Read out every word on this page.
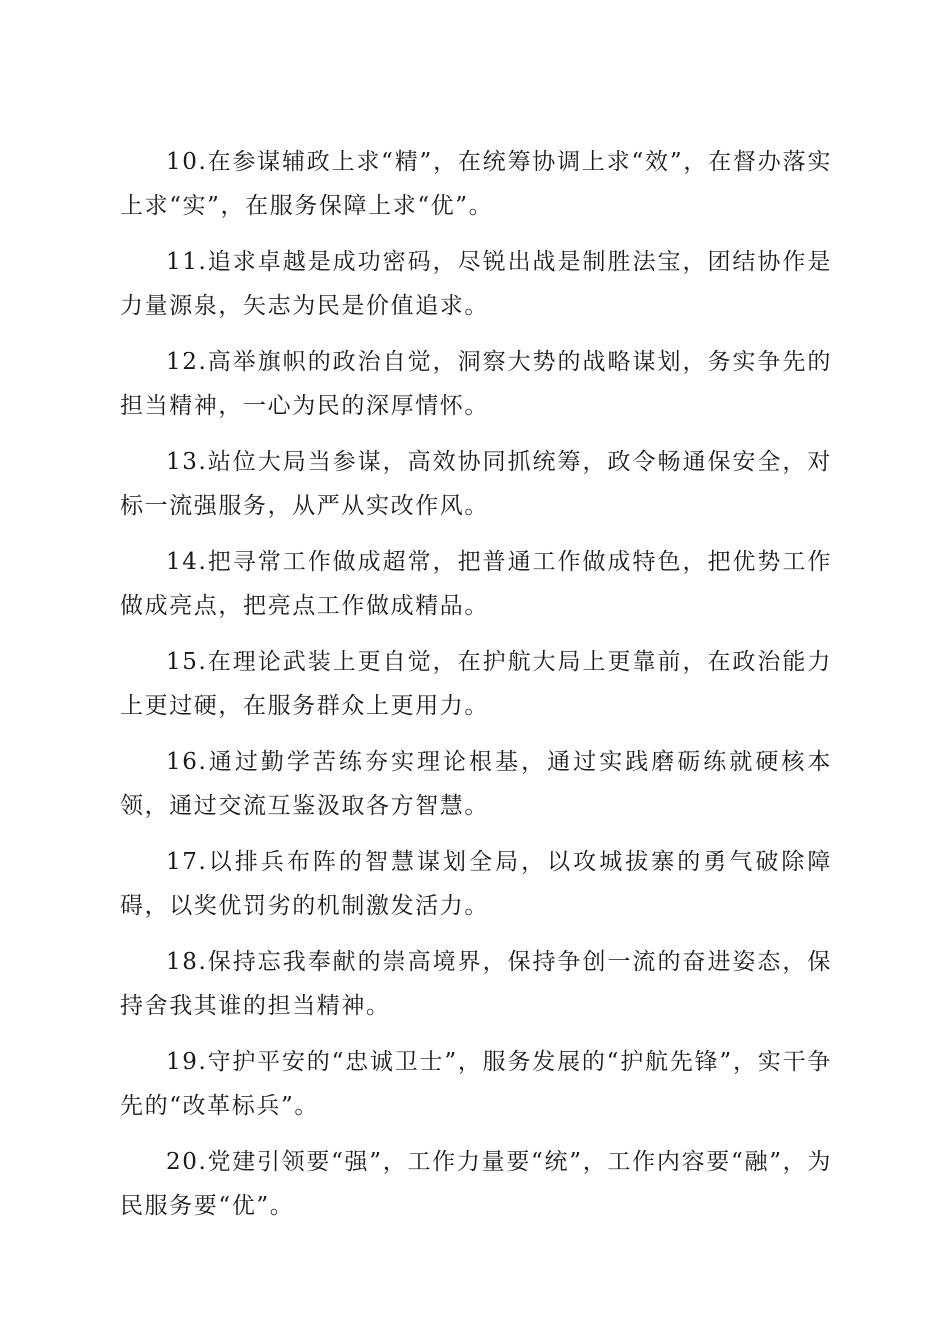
10.在参谋辅政上求“精”，在统筹协调上求“效”，在督办落实上求“实”，在服务保障上求“优”。

11.追求卓越是成功密码，尽锐出战是制胜法宝，团结协作是力量源泉，矢志为民是价值追求。

12.高举旗帜的政治自觉，洞察大势的战略谋划，务实争先的担当精神，一心为民的深厚情怀。

13.站位大局当参谋，高效协同抓统筹，政令畅通保安全，对标一流强服务，从严从实改作风。

14.把寻常工作做成超常，把普通工作做成特色，把优势工作做成亮点，把亮点工作做成精品。

15.在理论武装上更自觉，在护航大局上更靠前，在政治能力上更过硬，在服务群众上更用力。

16.通过勤学苦练夯实理论根基，通过实践磨砺练就硬核本领，通过交流互鉴汲取各方智慧。

17.以排兵布阵的智慧谋划全局，以攻城拔寨的勇气破除障碍，以奖优罚劣的机制激发活力。

18.保持忘我奉献的崇高境界，保持争创一流的奋进姿态，保持舍我其谁的担当精神。

19.守护平安的“忠诚卫士”，服务发展的“护航先锋”，实干争先的“改革标兵”。

20.党建引领要“强”，工作力量要“统”，工作内容要“融”，为民服务要“优”。
